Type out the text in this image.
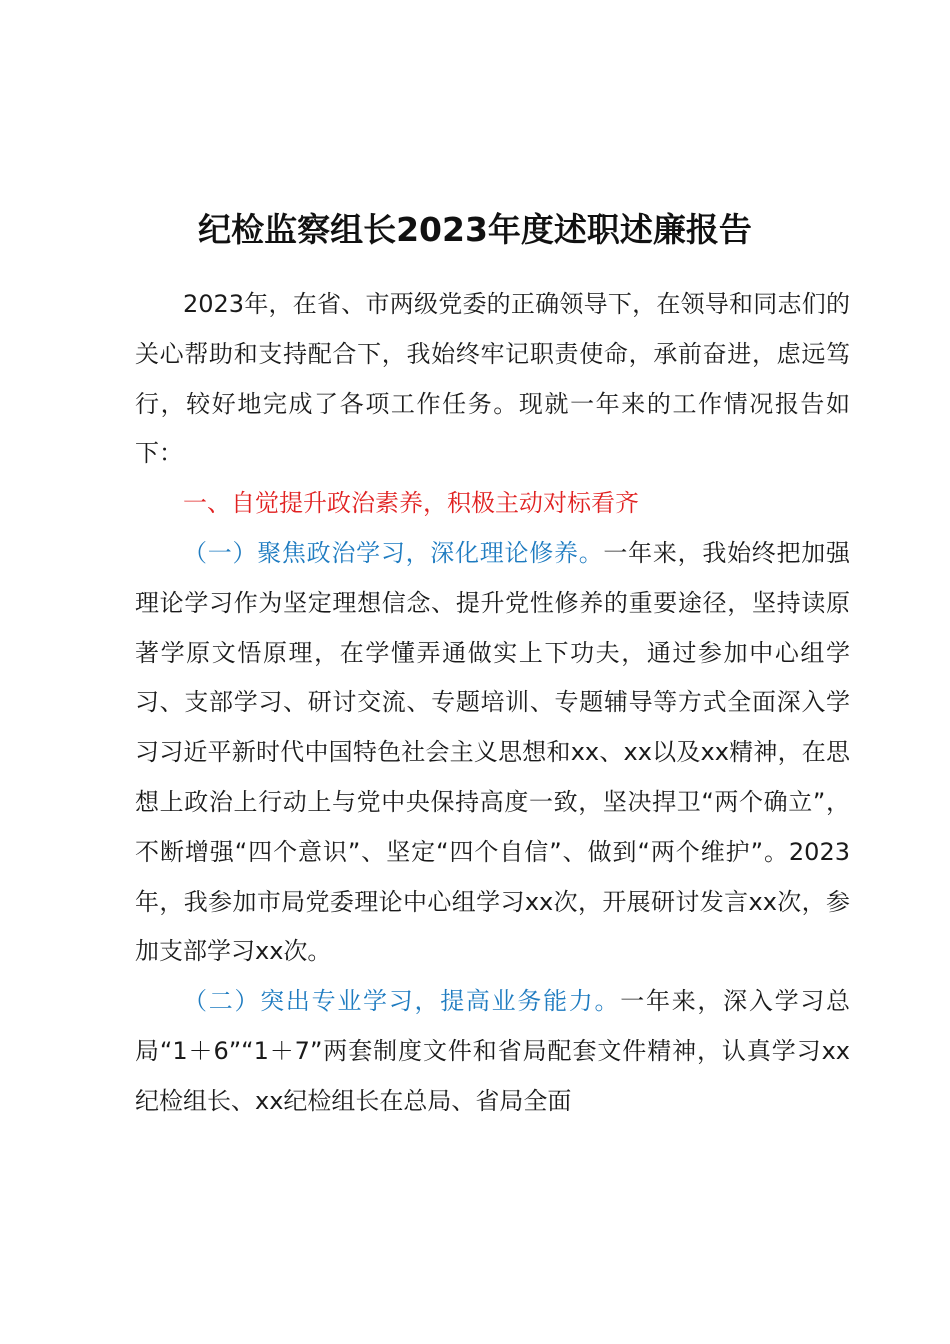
纪检监察组长2023年度述职述廉报告

2023年，在省、市两级党委的正确领导下，在领导和同志们的关心帮助和支持配合下，我始终牢记职责使命，承前奋进，虑远笃行，较好地完成了各项工作任务。现就一年来的工作情况报告如下：

一、自觉提升政治素养，积极主动对标看齐

（一）聚焦政治学习，深化理论修养。一年来，我始终把加强理论学习作为坚定理想信念、提升党性修养的重要途径，坚持读原著学原文悟原理，在学懂弄通做实上下功夫，通过参加中心组学习、支部学习、研讨交流、专题培训、专题辅导等方式全面深入学习习近平新时代中国特色社会主义思想和xx、xx以及xx精神，在思想上政治上行动上与党中央保持高度一致，坚决捍卫“两个确立”，不断增强“四个意识”、坚定“四个自信”、做到“两个维护”。2023年，我参加市局党委理论中心组学习xx次，开展研讨发言xx次，参加支部学习xx次。

（二）突出专业学习，提高业务能力。一年来，深入学习总局“1＋6”“1＋7”两套制度文件和省局配套文件精神，认真学习xx纪检组长、xx纪检组长在总局、省局全面
